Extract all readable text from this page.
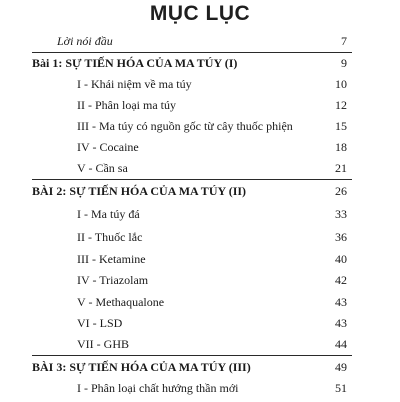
MỤC LỤC
Lời nói đầu	7
Bài 1: SỰ TIẾN HÓA CỦA MA TÚY (I)	9
I - Khái niệm về ma túy	10
II - Phân loại ma túy	12
III - Ma túy có nguồn gốc từ cây thuốc phiện	15
IV - Cocaine	18
V - Cần sa	21
BÀI 2: SỰ TIẾN HÓA CỦA MA TÚY (II)	26
I - Ma túy đá	33
II - Thuốc lắc	36
III - Ketamine	40
IV - Triazolam	42
V - Methaqualone	43
VI - LSD	43
VII - GHB	44
BÀI 3: SỰ TIẾN HÓA CỦA MA TÚY (III)	49
I - Phân loại chất hướng thần mới	51
